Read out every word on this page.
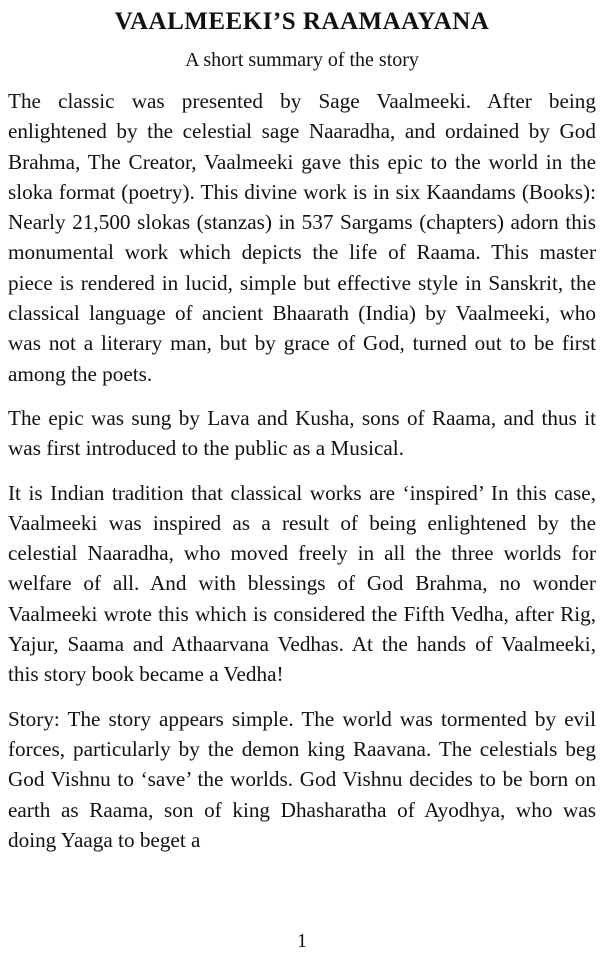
VAALMEEKI’S RAAMAAYANA
A short summary of the story

The classic was presented by Sage Vaalmeeki. After being enlightened by the celestial sage Naaradha, and ordained by God Brahma, The Creator, Vaalmeeki gave this epic to the world in the sloka format (poetry). This divine work is in six Kaandams (Books): Nearly 21,500 slokas (stanzas) in 537 Sargams (chapters) adorn this monumental work which depicts the life of Raama. This master piece is rendered in lucid, simple but effective style in Sanskrit, the classical language of ancient Bhaarath (India) by Vaalmeeki, who was not a literary man, but by grace of God, turned out to be first among the poets.

The epic was sung by Lava and Kusha, sons of Raama, and thus it was first introduced to the public as a Musical.

It is Indian tradition that classical works are ‘inspired’ In this case, Vaalmeeki was inspired as a result of being enlightened by the celestial Naaradha, who moved freely in all the three worlds for welfare of all. And with blessings of God Brahma, no wonder Vaalmeeki wrote this which is considered the Fifth Vedha, after Rig, Yajur, Saama and Athaarvana Vedhas. At the hands of Vaalmeeki, this story book became a Vedha!

Story: The story appears simple. The world was tormented by evil forces, particularly by the demon king Raavana. The celestials beg God Vishnu to ‘save’ the worlds. God Vishnu decides to be born on earth as Raama, son of king Dhasharatha of Ayodhya, who was doing Yaaga to beget a

1
